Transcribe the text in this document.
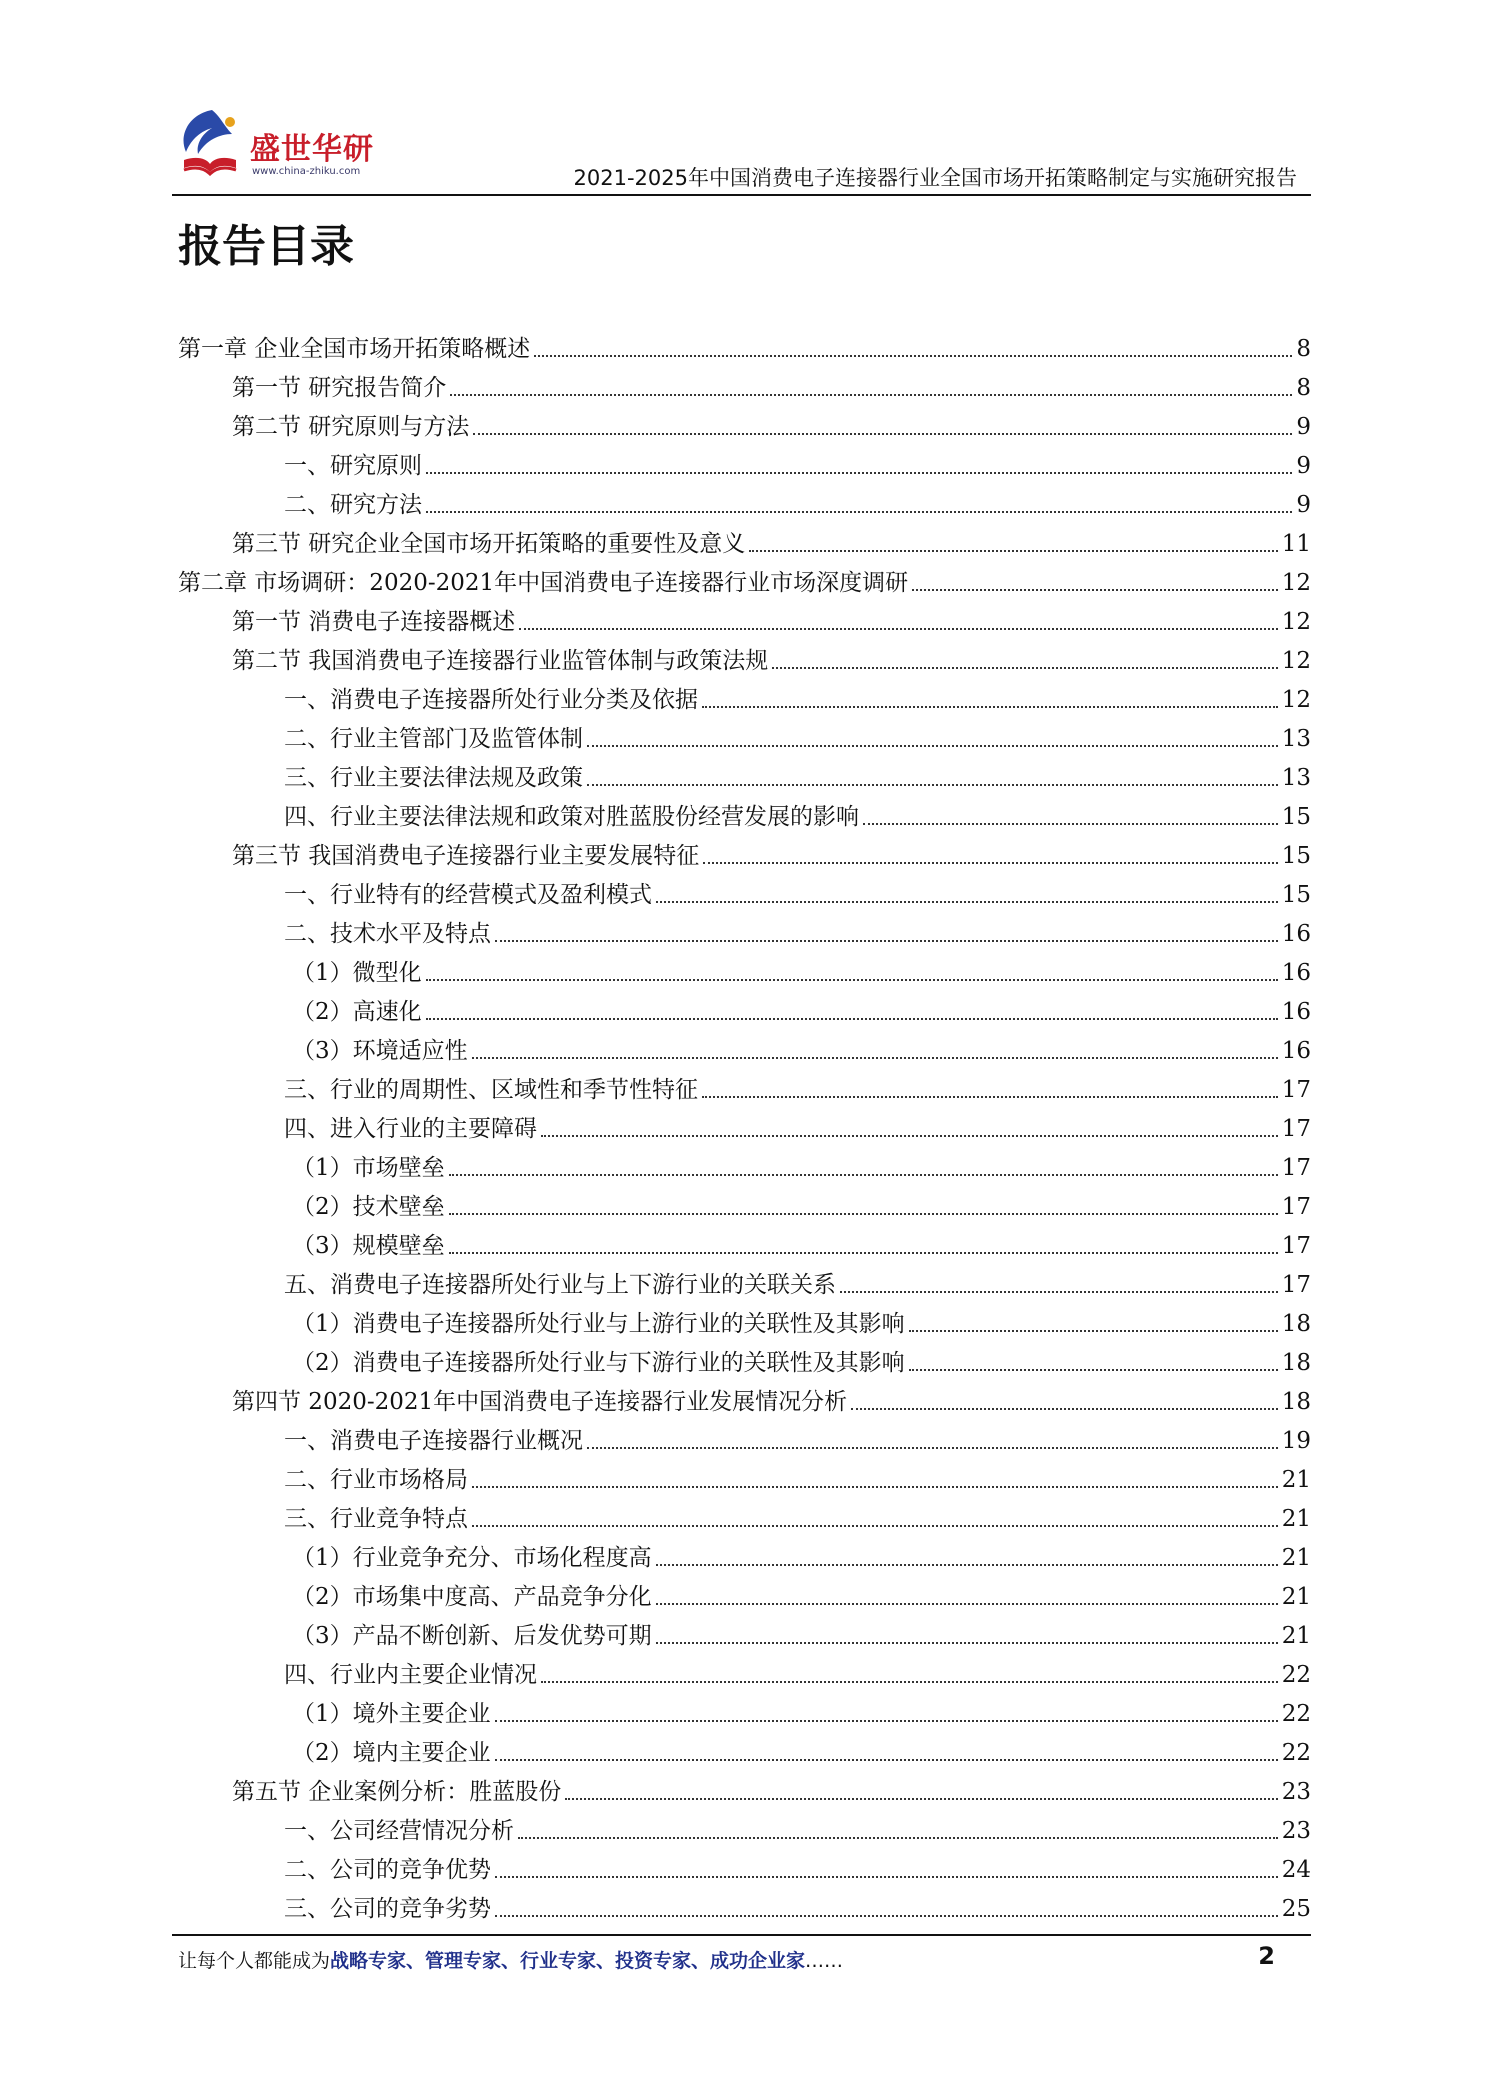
盛世华研
www.china-zhiku.com	2021-2025年中国消费电子连接器行业全国市场开拓策略制定与实施研究报告
报告目录
第一章 企业全国市场开拓策略概述	8
第一节 研究报告简介	8
第二节 研究原则与方法	9
一、研究原则	9
二、研究方法	9
第三节 研究企业全国市场开拓策略的重要性及意义	11
第二章 市场调研：2020-2021年中国消费电子连接器行业市场深度调研	12
第一节 消费电子连接器概述	12
第二节 我国消费电子连接器行业监管体制与政策法规	12
一、消费电子连接器所处行业分类及依据	12
二、行业主管部门及监管体制	13
三、行业主要法律法规及政策	13
四、行业主要法律法规和政策对胜蓝股份经营发展的影响	15
第三节 我国消费电子连接器行业主要发展特征	15
一、行业特有的经营模式及盈利模式	15
二、技术水平及特点	16
（1）微型化	16
（2）高速化	16
（3）环境适应性	16
三、行业的周期性、区域性和季节性特征	17
四、进入行业的主要障碍	17
（1）市场壁垒	17
（2）技术壁垒	17
（3）规模壁垒	17
五、消费电子连接器所处行业与上下游行业的关联关系	17
（1）消费电子连接器所处行业与上游行业的关联性及其影响	18
（2）消费电子连接器所处行业与下游行业的关联性及其影响	18
第四节 2020-2021年中国消费电子连接器行业发展情况分析	18
一、消费电子连接器行业概况	19
二、行业市场格局	21
三、行业竞争特点	21
（1）行业竞争充分、市场化程度高	21
（2）市场集中度高、产品竞争分化	21
（3）产品不断创新、后发优势可期	21
四、行业内主要企业情况	22
（1）境外主要企业	22
（2）境内主要企业	22
第五节 企业案例分析：胜蓝股份	23
一、公司经营情况分析	23
二、公司的竞争优势	24
三、公司的竞争劣势	25
让每个人都能成为战略专家、管理专家、行业专家、投资专家、成功企业家……	2
